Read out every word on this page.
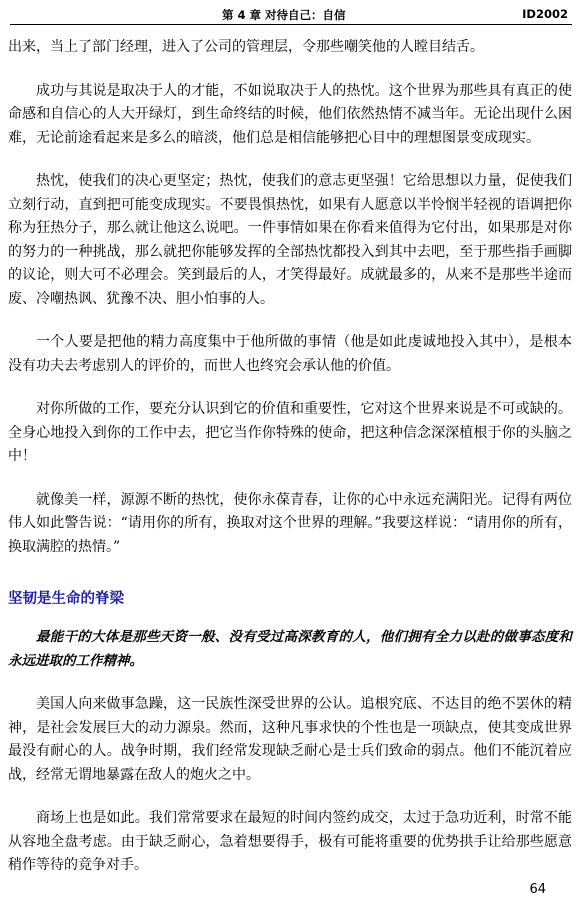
第 4 章 对待自己：自信	ID2002

出来，当上了部门经理，进入了公司的管理层，令那些嘲笑他的人瞠目结舌。

成功与其说是取决于人的才能，不如说取决于人的热忱。这个世界为那些具有真正的使命感和自信心的人大开绿灯，到生命终结的时候，他们依然热情不减当年。无论出现什么困难，无论前途看起来是多么的暗淡，他们总是相信能够把心目中的理想图景变成现实。

热忱，使我们的决心更坚定；热忱，使我们的意志更坚强！它给思想以力量，促使我们立刻行动，直到把可能变成现实。不要畏惧热忱，如果有人愿意以半怜悯半轻视的语调把你称为狂热分子，那么就让他这么说吧。一件事情如果在你看来值得为它付出，如果那是对你的努力的一种挑战，那么就把你能够发挥的全部热忱都投入到其中去吧，至于那些指手画脚的议论，则大可不必理会。笑到最后的人，才笑得最好。成就最多的，从来不是那些半途而废、冷嘲热讽、犹豫不决、胆小怕事的人。

一个人要是把他的精力高度集中于他所做的事情（他是如此虔诚地投入其中），是根本没有功夫去考虑别人的评价的，而世人也终究会承认他的价值。

对你所做的工作，要充分认识到它的价值和重要性，它对这个世界来说是不可或缺的。全身心地投入到你的工作中去，把它当作你特殊的使命，把这种信念深深植根于你的头脑之中！

就像美一样，源源不断的热忱，使你永葆青春，让你的心中永远充满阳光。记得有两位伟人如此警告说：“请用你的所有，换取对这个世界的理解。”我要这样说：“请用你的所有，换取满腔的热情。”

坚韧是生命的脊梁

最能干的大体是那些天资一般、没有受过高深教育的人，他们拥有全力以赴的做事态度和永远进取的工作精神。

美国人向来做事急躁，这一民族性深受世界的公认。追根究底、不达目的绝不罢休的精神，是社会发展巨大的动力源泉。然而，这种凡事求快的个性也是一项缺点，使其变成世界最没有耐心的人。战争时期，我们经常发现缺乏耐心是士兵们致命的弱点。他们不能沉着应战，经常无谓地暴露在敌人的炮火之中。

商场上也是如此。我们常常要求在最短的时间内签约成交，太过于急功近利，时常不能从容地全盘考虑。由于缺乏耐心，急着想要得手，极有可能将重要的优势拱手让给那些愿意稍作等待的竞争对手。

64
